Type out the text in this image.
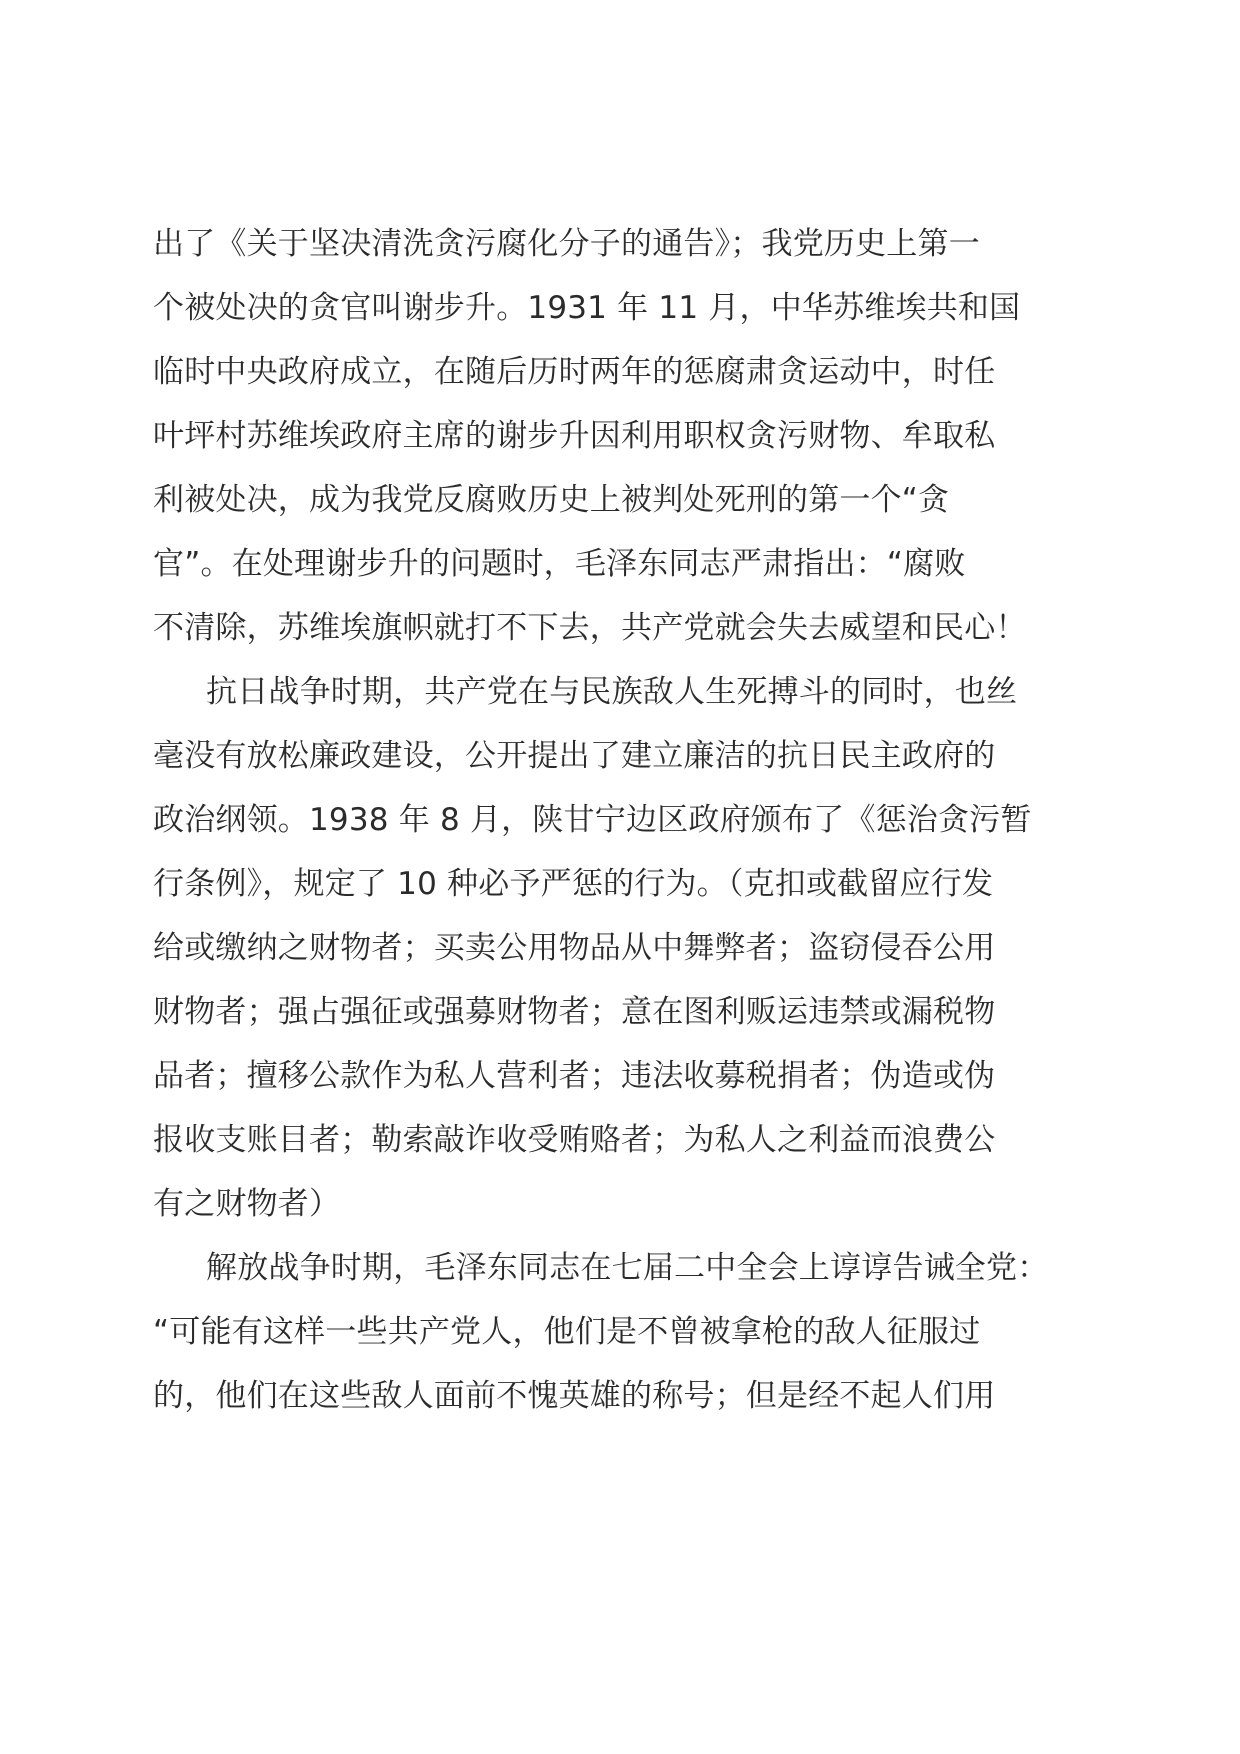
出了《关于坚决清洗贪污腐化分子的通告》；我党历史上第一
个被处决的贪官叫谢步升。1931 年 11 月，中华苏维埃共和国
临时中央政府成立，在随后历时两年的惩腐肃贪运动中，时任
叶坪村苏维埃政府主席的谢步升因利用职权贪污财物、牟取私
利被处决，成为我党反腐败历史上被判处死刑的第一个“贪
官”。在处理谢步升的问题时，毛泽东同志严肃指出：“腐败
不清除，苏维埃旗帜就打不下去，共产党就会失去威望和民心！
抗日战争时期，共产党在与民族敌人生死搏斗的同时，也丝
毫没有放松廉政建设，公开提出了建立廉洁的抗日民主政府的
政治纲领。1938 年 8 月，陕甘宁边区政府颁布了《惩治贪污暂
行条例》，规定了 10 种必予严惩的行为。（克扣或截留应行发
给或缴纳之财物者；买卖公用物品从中舞弊者；盗窃侵吞公用
财物者；强占强征或强募财物者；意在图利贩运违禁或漏税物
品者；擅移公款作为私人营利者；违法收募税捐者；伪造或伪
报收支账目者；勒索敲诈收受贿赂者；为私人之利益而浪费公
有之财物者）
解放战争时期，毛泽东同志在七届二中全会上谆谆告诫全党：
“可能有这样一些共产党人，他们是不曾被拿枪的敌人征服过
的，他们在这些敌人面前不愧英雄的称号；但是经不起人们用
